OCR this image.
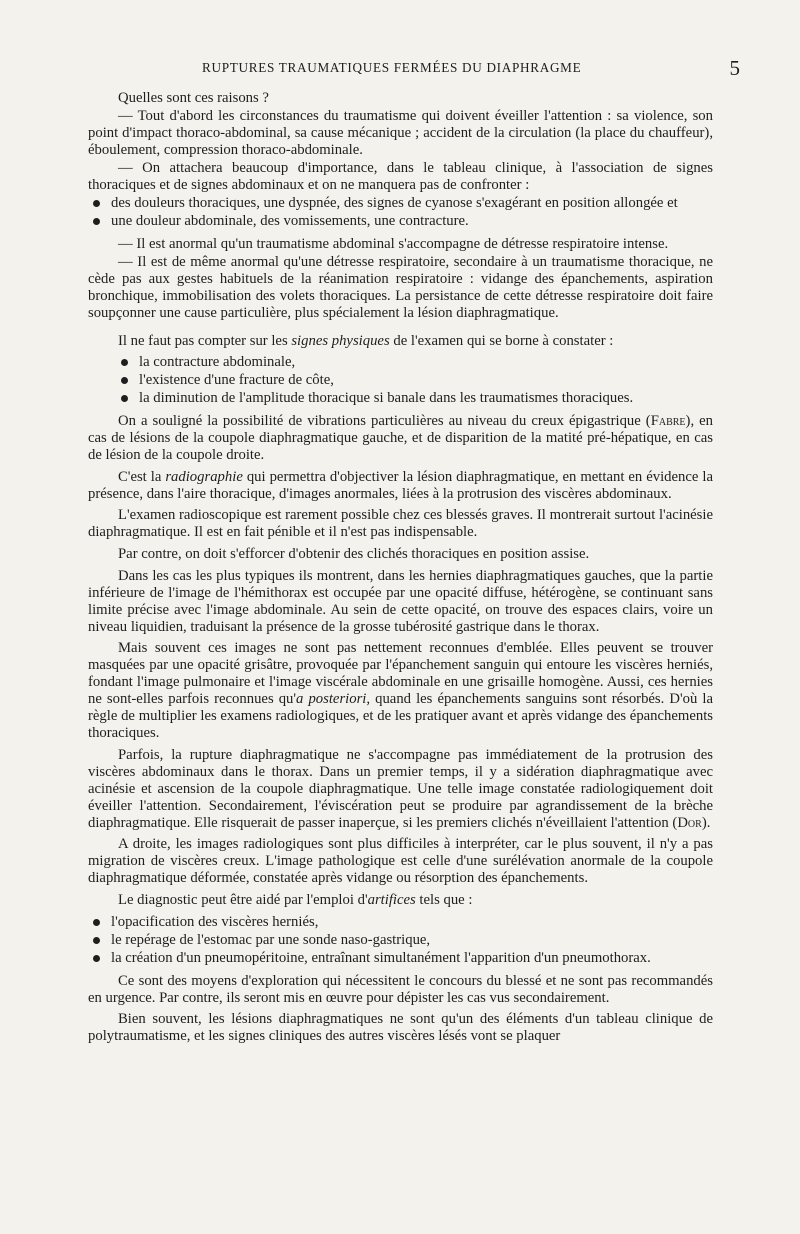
RUPTURES TRAUMATIQUES FERMÉES DU DIAPHRAGME	5

Quelles sont ces raisons ?

— Tout d'abord les circonstances du traumatisme qui doivent éveiller l'attention : sa violence, son point d'impact thoraco-abdominal, sa cause mécanique ; accident de la circulation (la place du chauffeur), éboulement, compression thoraco-abdominale.

— On attachera beaucoup d'importance, dans le tableau clinique, à l'association de signes thoraciques et de signes abdominaux et on ne manquera pas de confronter :

des douleurs thoraciques, une dyspnée, des signes de cyanose s'exagérant en position allongée et
une douleur abdominale, des vomissements, une contracture.

— Il est anormal qu'un traumatisme abdominal s'accompagne de détresse respiratoire intense.

— Il est de même anormal qu'une détresse respiratoire, secondaire à un traumatisme thoracique, ne cède pas aux gestes habituels de la réanimation respiratoire : vidange des épanchements, aspiration bronchique, immobilisation des volets thoraciques. La persistance de cette détresse respiratoire doit faire soupçonner une cause particulière, plus spécialement la lésion diaphragmatique.

Il ne faut pas compter sur les signes physiques de l'examen qui se borne à constater :

la contracture abdominale,
l'existence d'une fracture de côte,
la diminution de l'amplitude thoracique si banale dans les traumatismes thoraciques.

On a souligné la possibilité de vibrations particulières au niveau du creux épigastrique (Fabre), en cas de lésions de la coupole diaphragmatique gauche, et de disparition de la matité pré-hépatique, en cas de lésion de la coupole droite.

C'est la radiographie qui permettra d'objectiver la lésion diaphragmatique, en mettant en évidence la présence, dans l'aire thoracique, d'images anormales, liées à la protrusion des viscères abdominaux.

L'examen radioscopique est rarement possible chez ces blessés graves. Il montrerait surtout l'acinésie diaphragmatique. Il est en fait pénible et il n'est pas indispensable.

Par contre, on doit s'efforcer d'obtenir des clichés thoraciques en position assise.

Dans les cas les plus typiques ils montrent, dans les hernies diaphragmatiques gauches, que la partie inférieure de l'image de l'hémithorax est occupée par une opacité diffuse, hétérogène, se continuant sans limite précise avec l'image abdominale. Au sein de cette opacité, on trouve des espaces clairs, voire un niveau liquidien, traduisant la présence de la grosse tubérosité gastrique dans le thorax.

Mais souvent ces images ne sont pas nettement reconnues d'emblée. Elles peuvent se trouver masquées par une opacité grisâtre, provoquée par l'épanchement sanguin qui entoure les viscères herniés, fondant l'image pulmonaire et l'image viscérale abdominale en une grisaille homogène. Aussi, ces hernies ne sont-elles parfois reconnues qu'a posteriori, quand les épanchements sanguins sont résorbés. D'où la règle de multiplier les examens radiologiques, et de les pratiquer avant et après vidange des épanchements thoraciques.

Parfois, la rupture diaphragmatique ne s'accompagne pas immédiatement de la protrusion des viscères abdominaux dans le thorax. Dans un premier temps, il y a sidération diaphragmatique avec acinésie et ascension de la coupole diaphragmatique. Une telle image constatée radiologiquement doit éveiller l'attention. Secondairement, l'éviscération peut se produire par agrandissement de la brèche diaphragmatique. Elle risquerait de passer inaperçue, si les premiers clichés n'éveillaient l'attention (Dor).

A droite, les images radiologiques sont plus difficiles à interpréter, car le plus souvent, il n'y a pas migration de viscères creux. L'image pathologique est celle d'une surélévation anormale de la coupole diaphragmatique déformée, constatée après vidange ou résorption des épanchements.

Le diagnostic peut être aidé par l'emploi d'artifices tels que :

l'opacification des viscères herniés,
le repérage de l'estomac par une sonde naso-gastrique,
la création d'un pneumopéritoine, entraînant simultanément l'apparition d'un pneumothorax.

Ce sont des moyens d'exploration qui nécessitent le concours du blessé et ne sont pas recommandés en urgence. Par contre, ils seront mis en œuvre pour dépister les cas vus secondairement.

Bien souvent, les lésions diaphragmatiques ne sont qu'un des éléments d'un tableau clinique de polytraumatisme, et les signes cliniques des autres viscères lésés vont se plaquer
